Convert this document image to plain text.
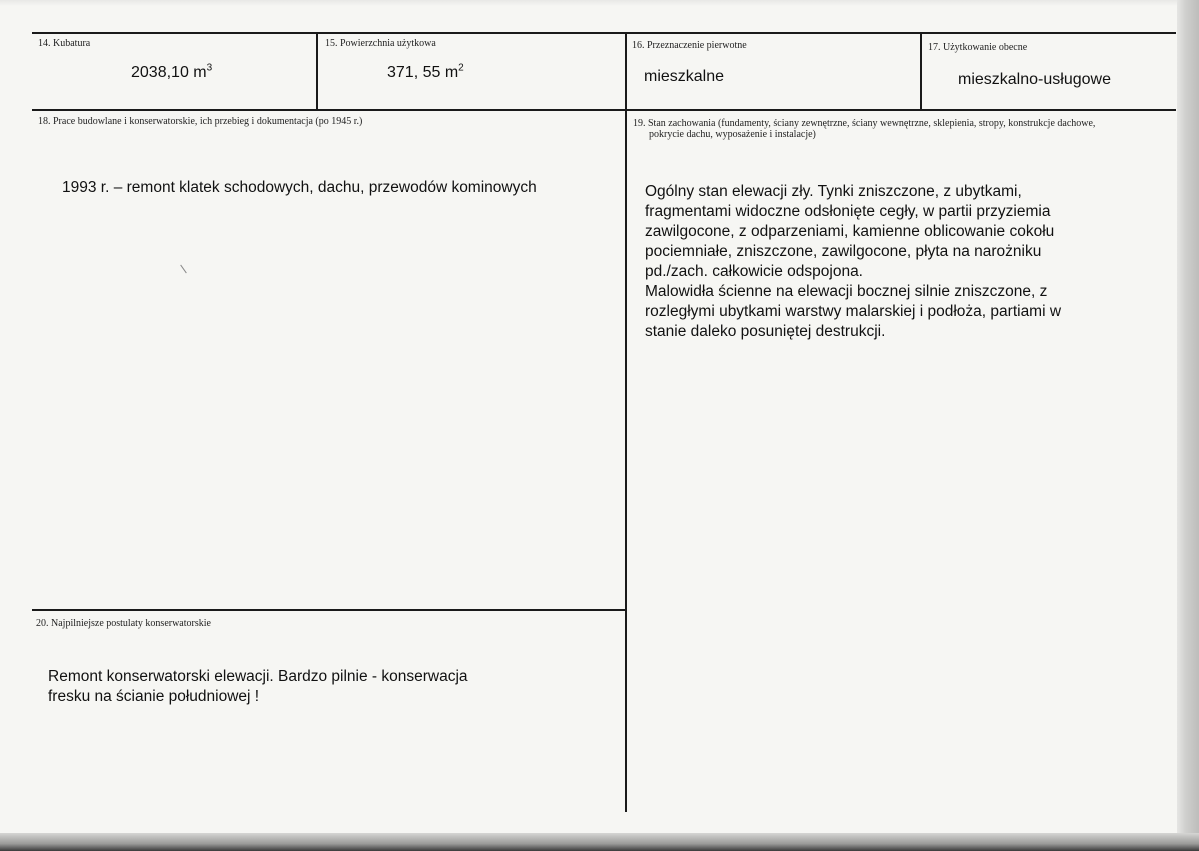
14. Kubatura
2038,10 $m^3$
15. Powierzchnia użytkowa
371, 55 $m^2$
16. Przeznaczenie pierwotne
mieszkalne
17. Użytkowanie obecne
mieszkalno-usługowe
18. Prace budowlane i konserwatorskie, ich przebieg i dokumentacja (po 1945 r.)
1993 r. – remont klatek schodowych, dachu, przewodów kominowych
19. Stan zachowania (fundamenty, ściany zewnętrzne, ściany wewnętrzne, sklepienia, stropy, konstrukcje dachowe,
pokrycie dachu, wyposażenie i instalacje)
Ogólny stan elewacji zły. Tynki zniszczone, z ubytkami,
fragmentami widoczne odsłonięte cegły, w partii przyziemia
zawilgocone, z odparzeniami, kamienne oblicowanie cokołu
pociemniałe, zniszczone, zawilgocone, płyta na narożniku
pd./zach. całkowicie odspojona.
Malowidła ścienne na elewacji bocznej silnie zniszczone, z
rozległymi ubytkami warstwy malarskiej i podłoża, partiami w
stanie daleko posuniętej destrukcji.
20. Najpilniejsze postulaty konserwatorskie
Remont konserwatorski elewacji. Bardzo pilnie - konserwacja
fresku na ścianie południowej !
